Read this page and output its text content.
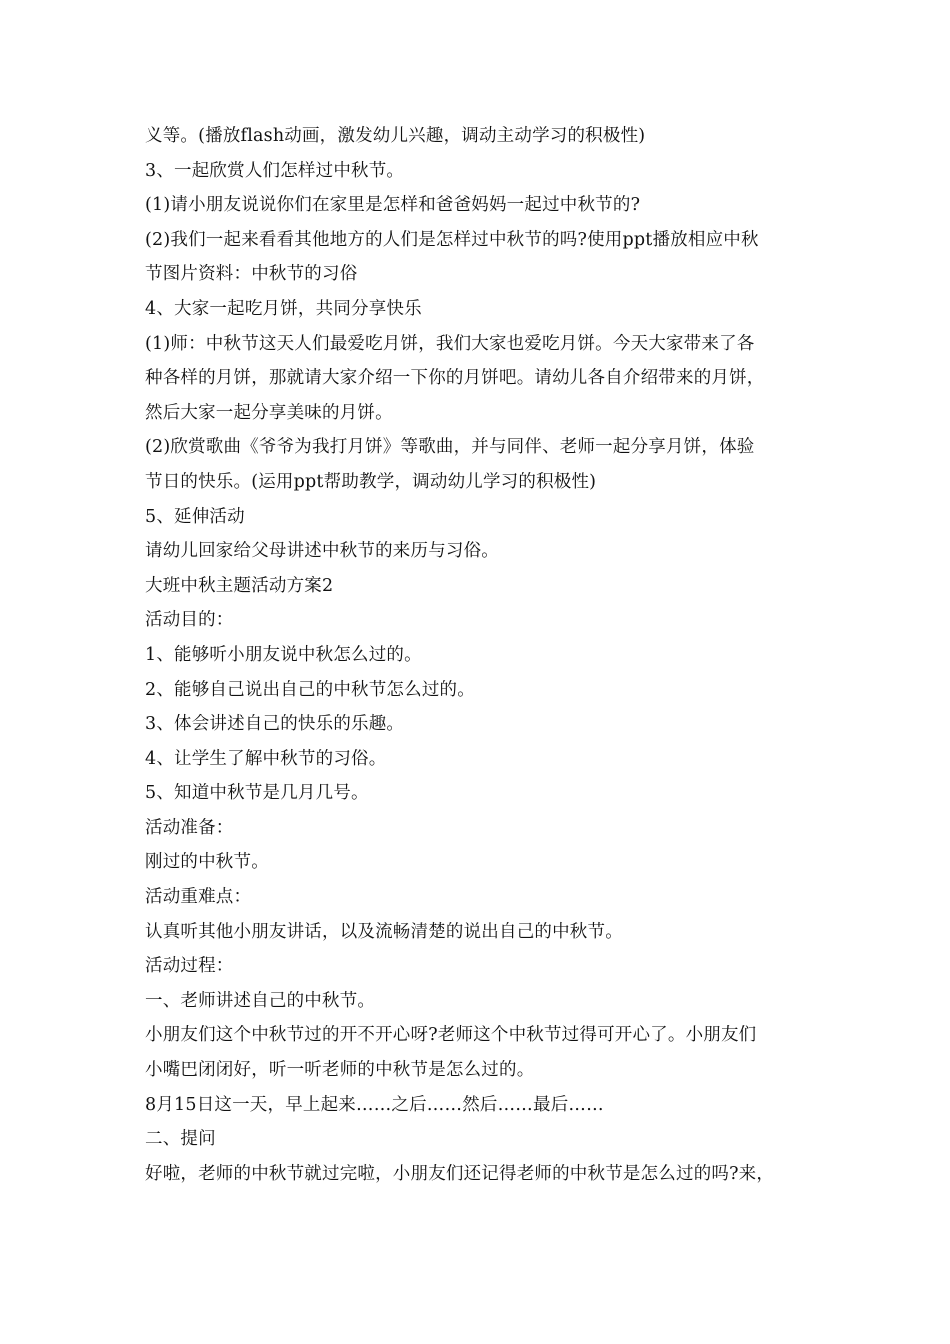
义等。(播放flash动画，激发幼儿兴趣，调动主动学习的积极性)
3、一起欣赏人们怎样过中秋节。
(1)请小朋友说说你们在家里是怎样和爸爸妈妈一起过中秋节的?
(2)我们一起来看看其他地方的人们是怎样过中秋节的吗?使用ppt播放相应中秋
节图片资料：中秋节的习俗
4、大家一起吃月饼，共同分享快乐
(1)师：中秋节这天人们最爱吃月饼，我们大家也爱吃月饼。今天大家带来了各
种各样的月饼，那就请大家介绍一下你的月饼吧。请幼儿各自介绍带来的月饼，
然后大家一起分享美味的月饼。
(2)欣赏歌曲《爷爷为我打月饼》等歌曲，并与同伴、老师一起分享月饼，体验
节日的快乐。(运用ppt帮助教学，调动幼儿学习的积极性)
5、延伸活动
请幼儿回家给父母讲述中秋节的来历与习俗。
大班中秋主题活动方案2
活动目的：
1、能够听小朋友说中秋怎么过的。
2、能够自己说出自己的中秋节怎么过的。
3、体会讲述自己的快乐的乐趣。
4、让学生了解中秋节的习俗。
5、知道中秋节是几月几号。
活动准备：
刚过的中秋节。
活动重难点：
认真听其他小朋友讲话，以及流畅清楚的说出自己的中秋节。
活动过程：
一、老师讲述自己的中秋节。
小朋友们这个中秋节过的开不开心呀?老师这个中秋节过得可开心了。小朋友们
小嘴巴闭闭好，听一听老师的中秋节是怎么过的。
8月15日这一天，早上起来……之后……然后……最后……
二、提问
好啦，老师的中秋节就过完啦，小朋友们还记得老师的中秋节是怎么过的吗?来，
